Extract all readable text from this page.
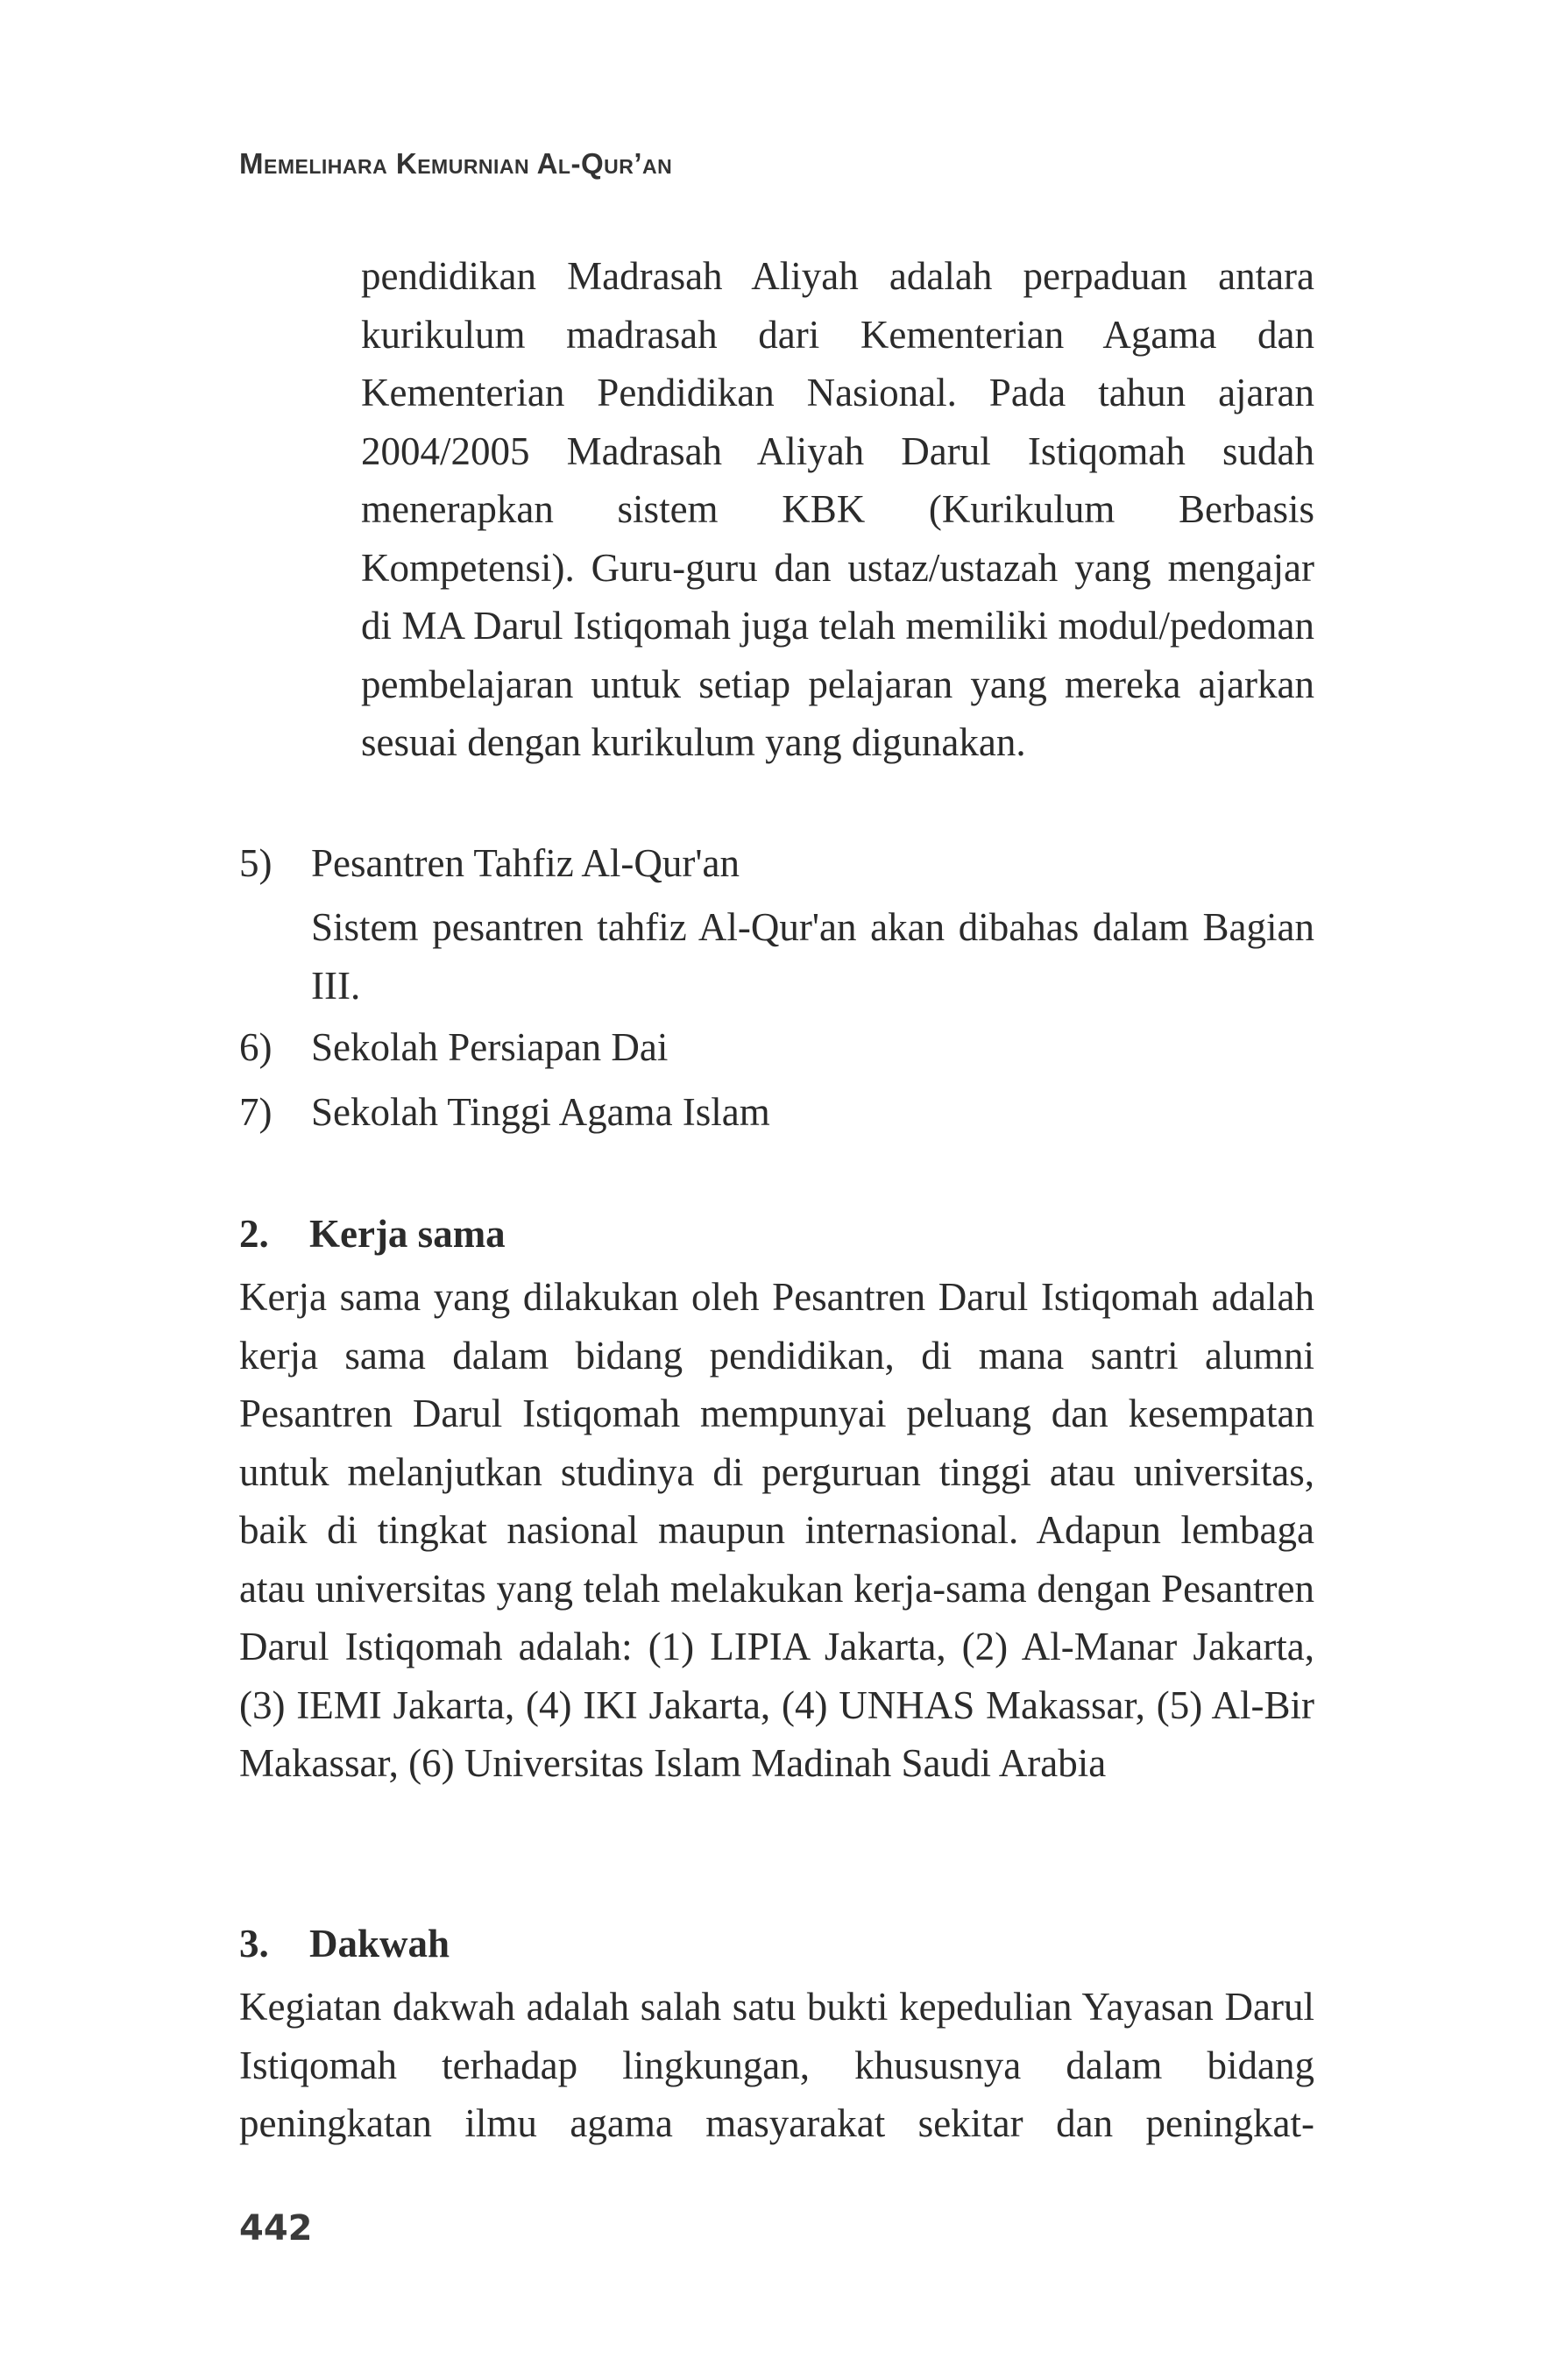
Memelihara Kemurnian Al-Qur’an

pendidikan Madrasah Aliyah adalah perpaduan antara kurikulum madrasah dari Kementerian Agama dan Kementerian Pendidikan Nasional. Pada tahun ajaran 2004/2005 Madrasah Aliyah Darul Istiqomah sudah menerapkan sistem KBK (Kurikulum Berbasis Kompetensi). Guru-guru dan ustaz/ustazah yang mengajar di MA Darul Istiqomah juga telah memiliki modul/pedoman pembelajaran untuk setiap pelajaran yang mereka ajarkan sesuai dengan kurikulum yang digunakan.

5) Pesantren Tahfiz Al-Qur'an

Sistem pesantren tahfiz Al-Qur'an akan dibahas dalam Bagian III.

6) Sekolah Persiapan Dai
7) Sekolah Tinggi Agama Islam
2. Kerja sama

Kerja sama yang dilakukan oleh Pesantren Darul Istiqomah adalah kerja sama dalam bidang pendidikan, di mana santri alumni Pesantren Darul Istiqomah mempunyai peluang dan kesempatan untuk melanjutkan studinya di perguruan tinggi atau universitas, baik di tingkat nasional maupun internasional. Adapun lembaga atau universitas yang telah melakukan kerja-sama dengan Pesantren Darul Istiqomah adalah: (1) LIPIA Jakarta, (2) Al-Manar Jakarta, (3) IEMI Jakarta, (4) IKI Jakarta, (4) UNHAS Makassar, (5) Al-Bir Makassar, (6) Universitas Islam Madinah Saudi Arabia

3. Dakwah

Kegiatan dakwah adalah salah satu bukti kepedulian Yayasan Darul Istiqomah terhadap lingkungan, khususnya dalam bidang peningkatan ilmu agama masyarakat sekitar dan peningkat-

442
